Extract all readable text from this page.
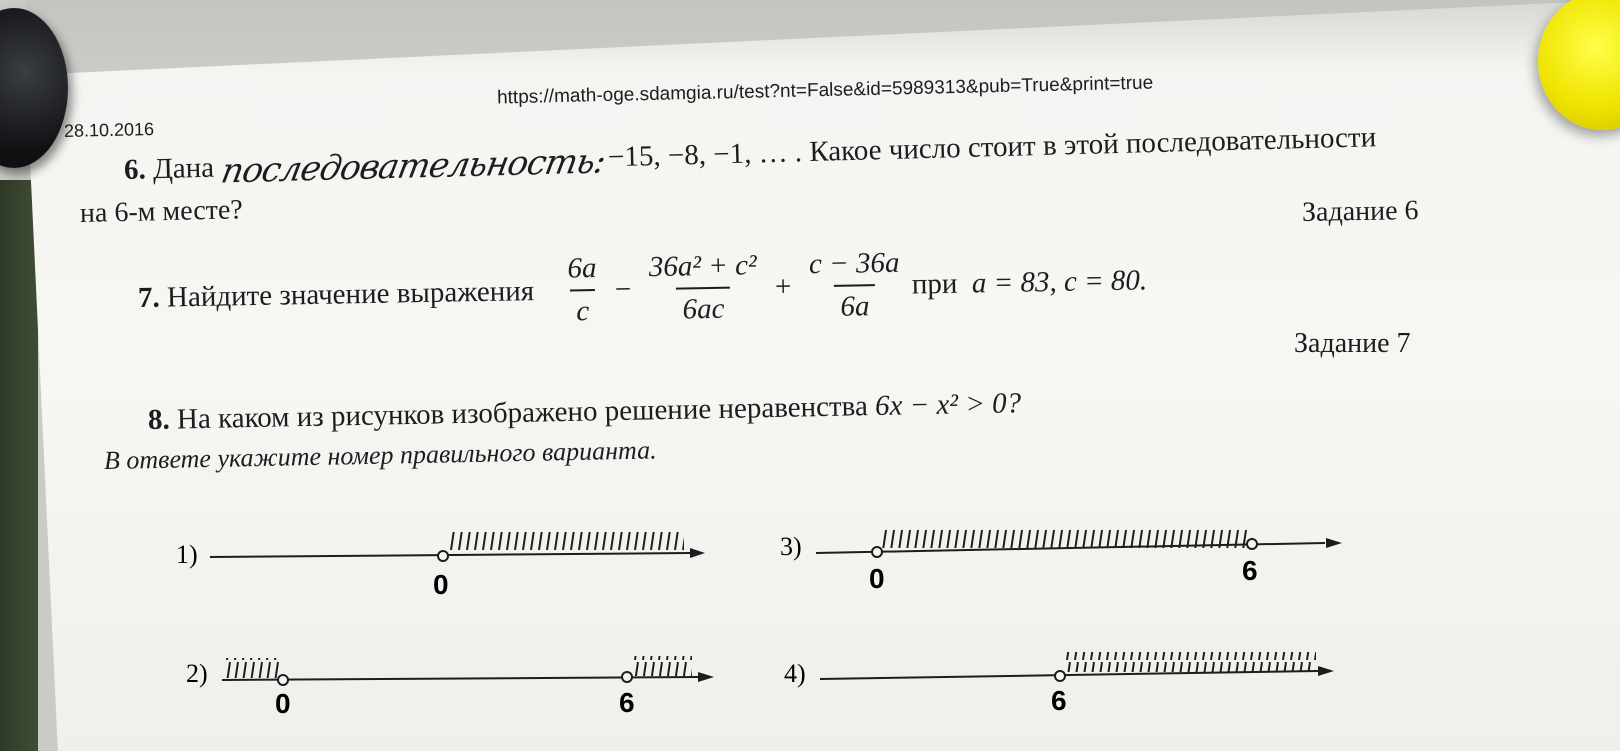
28.10.2016
https://math-oge.sdamgia.ru/test?nt=False&id=5989313&pub=True&print=true
6. Дана последовательность:−15, −8, −1, … . Какое число стоит в этой последовательности
на 6-м месте?	Задание 6
7.
Найдите значение выражения
$\frac{6a}{c} - \frac{\text{36a² + c²}}{6ac} + \frac{c - 36a}{6a}$ при
a = 83, c = 80.
Задание 7
8. На каком из рисунков изображено решение неравенства 6x − x² > 0?
В ответе укажите номер правильного варианта.
1)
0
3)
0	6
2)
0	6
4)
6
